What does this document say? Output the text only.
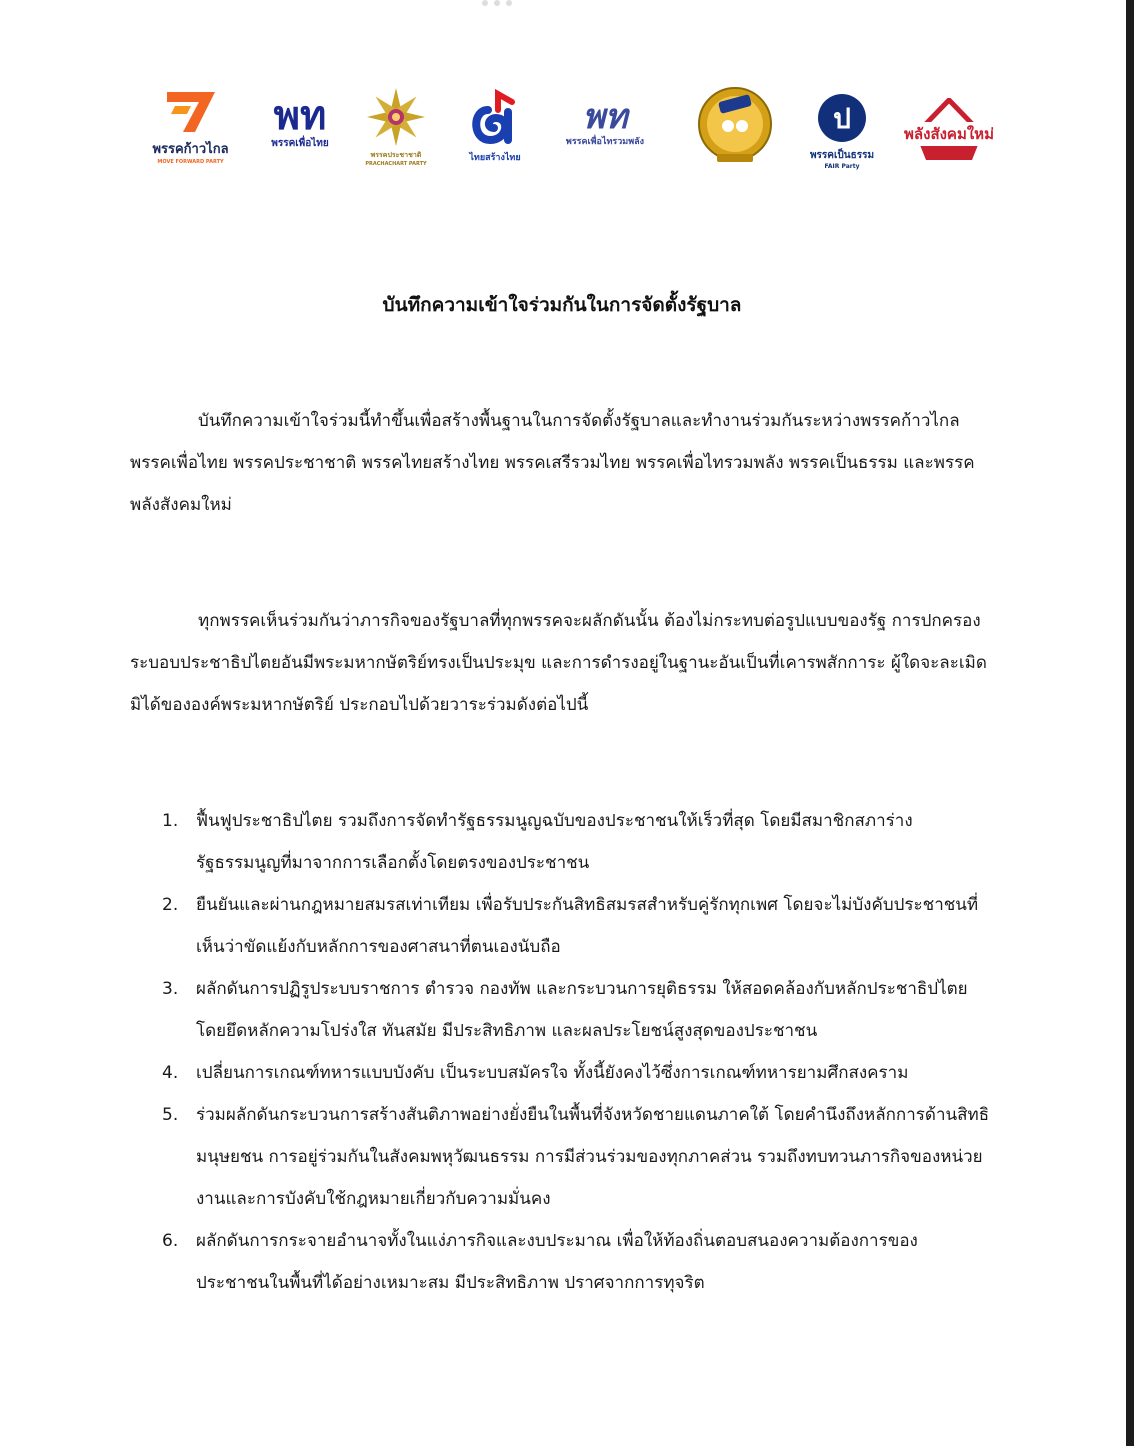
พรรคก้าวไกล
MOVE FORWARD PARTY
พท
พรรคเพื่อไทย
พรรคประชาชาติ
PRACHACHART PARTY
ไทยสร้างไทย
พท
พรรคเพื่อไทรวมพลัง
ป
พรรคเป็นธรรม
FAIR Party
พลังสังคมใหม่
บันทึกความเข้าใจร่วมกันในการจัดตั้งรัฐบาล

บันทึกความเข้าใจร่วมนี้ทำขึ้นเพื่อสร้างพื้นฐานในการจัดตั้งรัฐบาลและทำงานร่วมกันระหว่างพรรคก้าวไกล พรรคเพื่อไทย พรรคประชาชาติ พรรคไทยสร้างไทย พรรคเสรีรวมไทย พรรคเพื่อไทรวมพลัง พรรคเป็นธรรม และพรรคพลังสังคมใหม่

ทุกพรรคเห็นร่วมกันว่าภารกิจของรัฐบาลที่ทุกพรรคจะผลักดันนั้น ต้องไม่กระทบต่อรูปแบบของรัฐ การปกครองระบอบประชาธิปไตยอันมีพระมหากษัตริย์ทรงเป็นประมุข และการดำรงอยู่ในฐานะอันเป็นที่เคารพสักการะ ผู้ใดจะละเมิดมิได้ขององค์พระมหากษัตริย์ ประกอบไปด้วยวาระร่วมดังต่อไปนี้

1. ฟื้นฟูประชาธิปไตย รวมถึงการจัดทำรัฐธรรมนูญฉบับของประชาชนให้เร็วที่สุด โดยมีสมาชิกสภาร่างรัฐธรรมนูญที่มาจากการเลือกตั้งโดยตรงของประชาชน
2. ยืนยันและผ่านกฎหมายสมรสเท่าเทียม เพื่อรับประกันสิทธิสมรสสำหรับคู่รักทุกเพศ โดยจะไม่บังคับประชาชนที่เห็นว่าขัดแย้งกับหลักการของศาสนาที่ตนเองนับถือ
3. ผลักดันการปฏิรูประบบราชการ ตำรวจ กองทัพ และกระบวนการยุติธรรม ให้สอดคล้องกับหลักประชาธิปไตย โดยยึดหลักความโปร่งใส ทันสมัย มีประสิทธิภาพ และผลประโยชน์สูงสุดของประชาชน
4. เปลี่ยนการเกณฑ์ทหารแบบบังคับ เป็นระบบสมัครใจ ทั้งนี้ยังคงไว้ซึ่งการเกณฑ์ทหารยามศึกสงคราม
5. ร่วมผลักดันกระบวนการสร้างสันติภาพอย่างยั่งยืนในพื้นที่จังหวัดชายแดนภาคใต้ โดยคำนึงถึงหลักการด้านสิทธิมนุษยชน การอยู่ร่วมกันในสังคมพหุวัฒนธรรม การมีส่วนร่วมของทุกภาคส่วน รวมถึงทบทวนภารกิจของหน่วยงานและการบังคับใช้กฎหมายเกี่ยวกับความมั่นคง
6. ผลักดันการกระจายอำนาจทั้งในแง่ภารกิจและงบประมาณ เพื่อให้ท้องถิ่นตอบสนองความต้องการของประชาชนในพื้นที่ได้อย่างเหมาะสม มีประสิทธิภาพ ปราศจากการทุจริต
